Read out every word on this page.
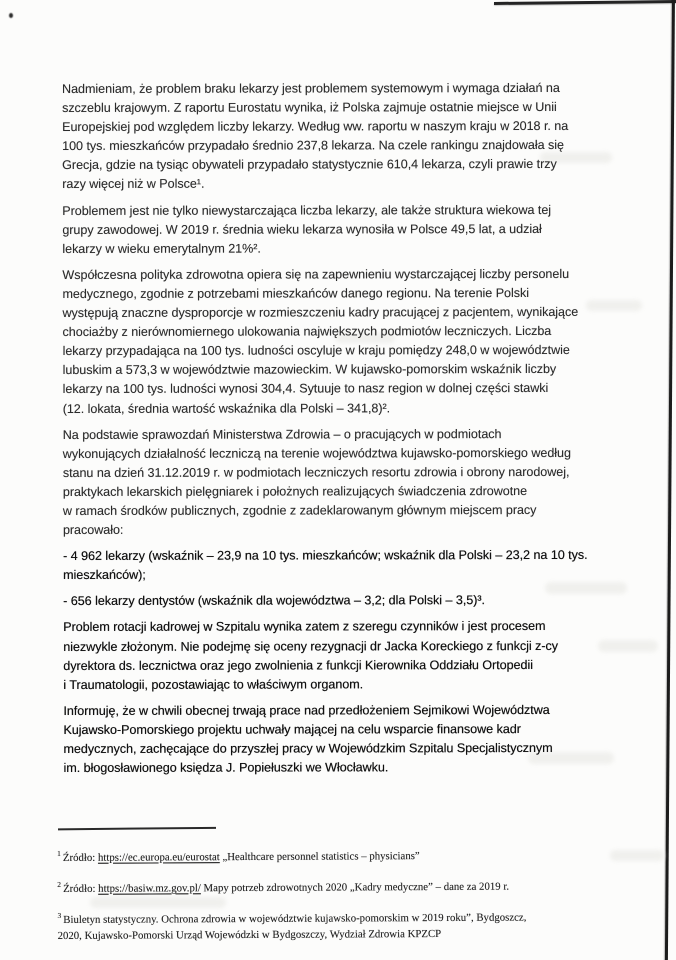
Nadmieniam, że problem braku lekarzy jest problemem systemowym i wymaga działań na
szczeblu krajowym. Z raportu Eurostatu wynika, iż Polska zajmuje ostatnie miejsce w Unii
Europejskiej pod względem liczby lekarzy. Według ww. raportu w naszym kraju w 2018 r. na
100 tys. mieszkańców przypadało średnio 237,8 lekarza. Na czele rankingu znajdowała się
Grecja, gdzie na tysiąc obywateli przypadało statystycznie 610,4 lekarza, czyli prawie trzy
razy więcej niż w Polsce¹.

Problemem jest nie tylko niewystarczająca liczba lekarzy, ale także struktura wiekowa tej
grupy zawodowej. W 2019 r. średnia wieku lekarza wynosiła w Polsce 49,5 lat, a udział
lekarzy w wieku emerytalnym 21%².

Współczesna polityka zdrowotna opiera się na zapewnieniu wystarczającej liczby personelu
medycznego, zgodnie z potrzebami mieszkańców danego regionu. Na terenie Polski
występują znaczne dysproporcje w rozmieszczeniu kadry pracującej z pacjentem, wynikające
chociażby z nierównomiernego ulokowania największych podmiotów leczniczych. Liczba
lekarzy przypadająca na 100 tys. ludności oscyluje w kraju pomiędzy 248,0 w województwie
lubuskim a 573,3 w województwie mazowieckim. W kujawsko-pomorskim wskaźnik liczby
lekarzy na 100 tys. ludności wynosi 304,4. Sytuuje to nasz region w dolnej części stawki
(12. lokata, średnia wartość wskaźnika dla Polski – 341,8)².

Na podstawie sprawozdań Ministerstwa Zdrowia – o pracujących w podmiotach
wykonujących działalność leczniczą na terenie województwa kujawsko-pomorskiego według
stanu na dzień 31.12.2019 r. w podmiotach leczniczych resortu zdrowia i obrony narodowej,
praktykach lekarskich pielęgniarek i położnych realizujących świadczenia zdrowotne
w ramach środków publicznych, zgodnie z zadeklarowanym głównym miejscem pracy
pracowało:

- 4 962 lekarzy (wskaźnik – 23,9 na 10 tys. mieszkańców; wskaźnik dla Polski – 23,2 na 10 tys.
mieszkańców);

- 656 lekarzy dentystów (wskaźnik dla województwa – 3,2; dla Polski – 3,5)³.

Problem rotacji kadrowej w Szpitalu wynika zatem z szeregu czynników i jest procesem
niezwykle złożonym. Nie podejmę się oceny rezygnacji dr Jacka Koreckiego z funkcji z-cy
dyrektora ds. lecznictwa oraz jego zwolnienia z funkcji Kierownika Oddziału Ortopedii
i Traumatologii, pozostawiając to właściwym organom.

Informuję, że w chwili obecnej trwają prace nad przedłożeniem Sejmikowi Województwa
Kujawsko-Pomorskiego projektu uchwały mającej na celu wsparcie finansowe kadr
medycznych, zachęcające do przyszłej pracy w Wojewódzkim Szpitalu Specjalistycznym
im. błogosławionego księdza J. Popiełuszki we Włocławku.

$^1$ Źródło: https://ec.europa.eu/eurostat „Healthcare personnel statistics – physicians”

$^2$ Źródło: https://basiw.mz.gov.pl/ Mapy potrzeb zdrowotnych 2020 „Kadry medyczne” – dane za 2019 r.

$^3$ Biuletyn statystyczny. Ochrona zdrowia w województwie kujawsko-pomorskim w 2019 roku”, Bydgoszcz,
2020, Kujawsko-Pomorski Urząd Wojewódzki w Bydgoszczy, Wydział Zdrowia KPZCP
